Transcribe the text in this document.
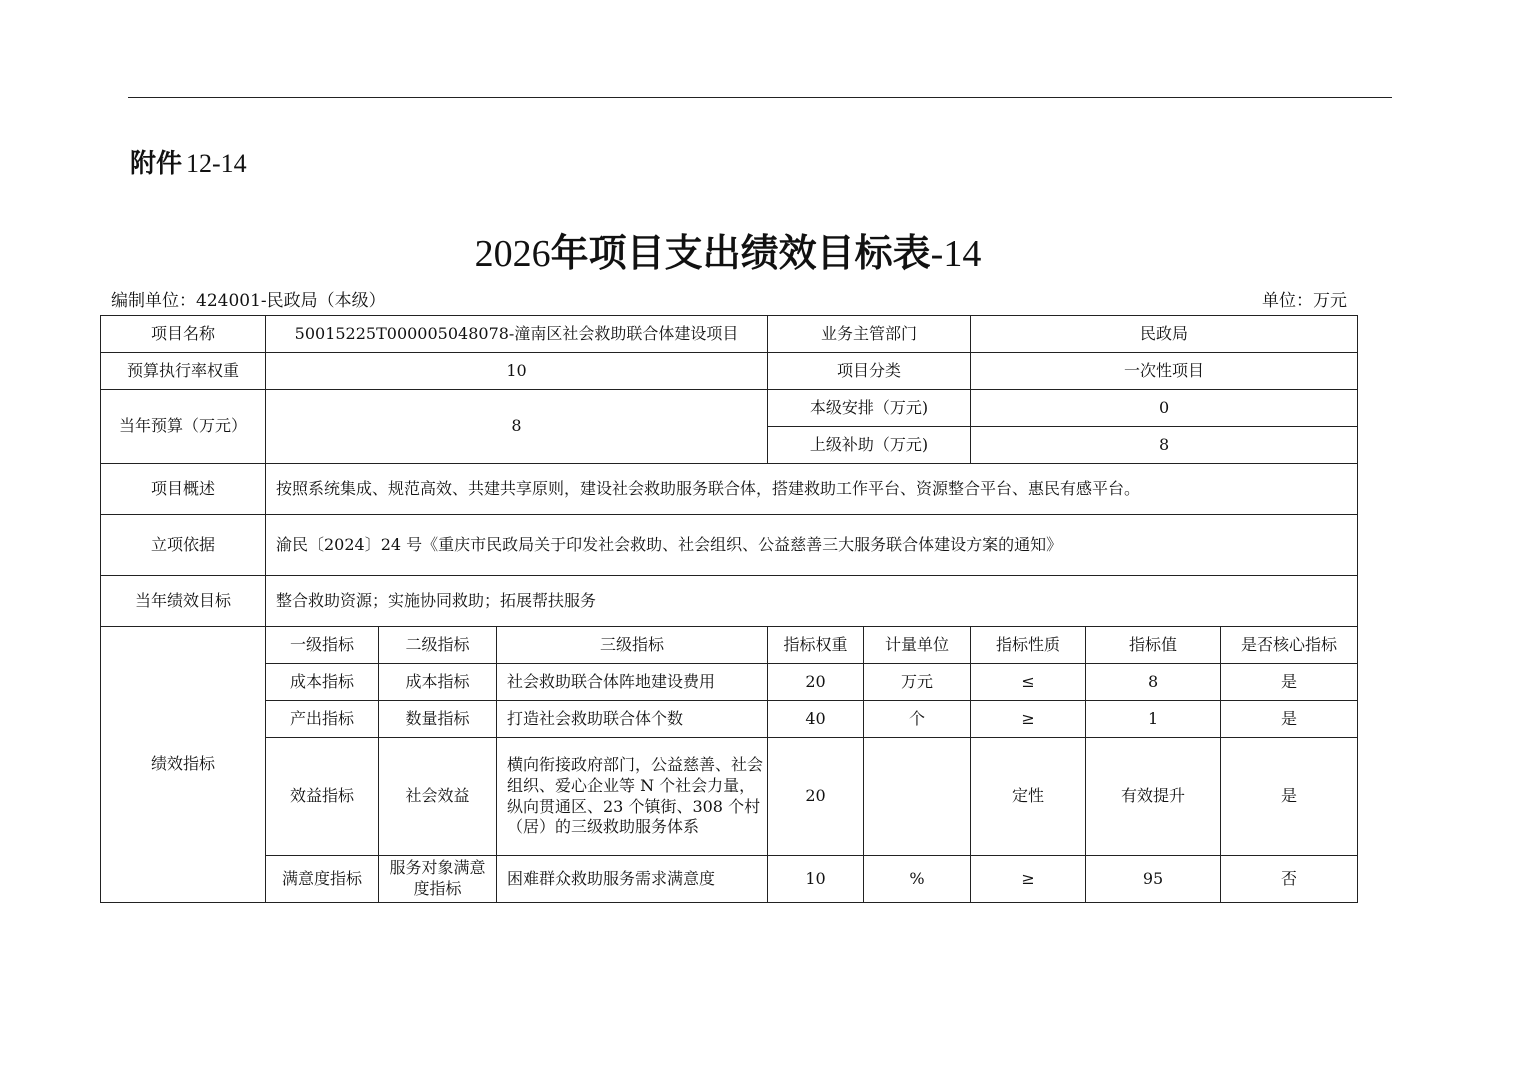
附件 12-14
2026年项目支出绩效目标表-14
编制单位：424001-民政局（本级）	单位：万元
项目名称	50015225T000005048078-潼南区社会救助联合体建设项目			业务主管部门		民政局		
预算执行率权重	10			项目分类		一次性项目		
当年预算（万元）	8			本级安排（万元)		0		
				上级补助（万元)		8		
项目概述	按照系统集成、规范高效、共建共享原则，建设社会救助服务联合体，搭建救助工作平台、资源整合平台、惠民有感平台。							
立项依据	渝民〔2024〕24 号《重庆市民政局关于印发社会救助、社会组织、公益慈善三大服务联合体建设方案的通知》							
当年绩效目标	整合救助资源；实施协同救助；拓展帮扶服务							
绩效指标	一级指标	二级指标	三级指标	指标权重	计量单位	指标性质	指标值	是否核心指标
	成本指标	成本指标	社会救助联合体阵地建设费用	20	万元	≤	8	是
	产出指标	数量指标	打造社会救助联合体个数	40	个	≥	1	是
	效益指标	社会效益	横向衔接政府部门，公益慈善、社会组织、爱心企业等 N 个社会力量，纵向贯通区、23 个镇街、308 个村（居）的三级救助服务体系	20		定性	有效提升	是
	满意度指标	服务对象满意度指标	困难群众救助服务需求满意度	10	%	≥	95	否
